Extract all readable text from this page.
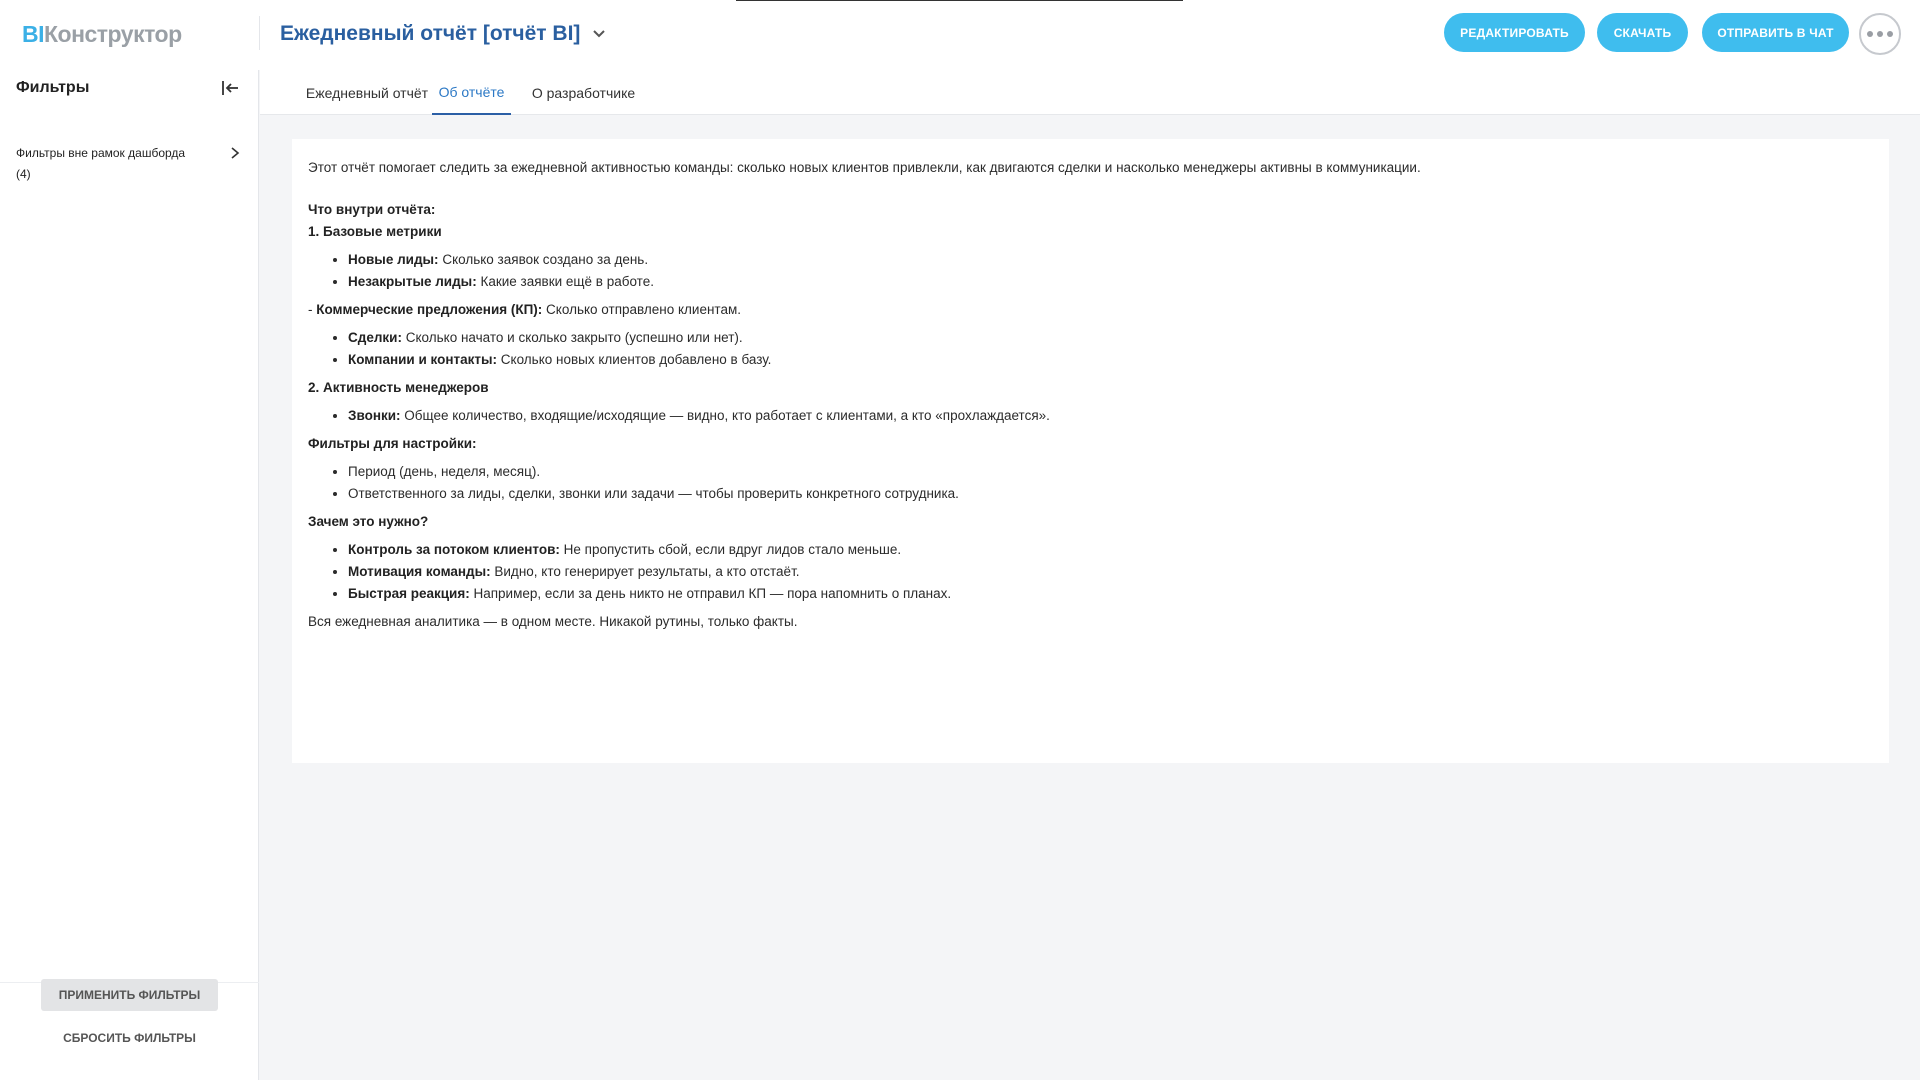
BIКонструктор	Ежедневный отчёт [отчёт BI]	РЕДАКТИРОВАТЬ	СКАЧАТЬ	ОТПРАВИТЬ В ЧАТ
Фильтры
Фильтры вне рамок дашборда
(4)
ПРИМЕНИТЬ ФИЛЬТРЫ
СБРОСИТЬ ФИЛЬТРЫ
Ежедневный отчёт Об отчёте	О разработчике

Этот отчёт помогает следить за ежедневной активностью команды: сколько новых клиентов привлекли, как двигаются сделки и насколько менеджеры активны в коммуникации.

Что внутри отчёта:

1. Базовые метрики

• Новые лиды: Сколько заявок создано за день.
• Незакрытые лиды: Какие заявки ещё в работе.

- Коммерческие предложения (КП): Сколько отправлено клиентам.

• Сделки: Сколько начато и сколько закрыто (успешно или нет).
• Компании и контакты: Сколько новых клиентов добавлено в базу.

2. Активность менеджеров

• Звонки: Общее количество, входящие/исходящие — видно, кто работает с клиентами, а кто «прохлаждается».

Фильтры для настройки:

• Период (день, неделя, месяц).
• Ответственного за лиды, сделки, звонки или задачи — чтобы проверить конкретного сотрудника.

Зачем это нужно?

• Контроль за потоком клиентов: Не пропустить сбой, если вдруг лидов стало меньше.
• Мотивация команды: Видно, кто генерирует результаты, а кто отстаёт.
• Быстрая реакция: Например, если за день никто не отправил КП — пора напомнить о планах.

Вся ежедневная аналитика — в одном месте. Никакой рутины, только факты.
